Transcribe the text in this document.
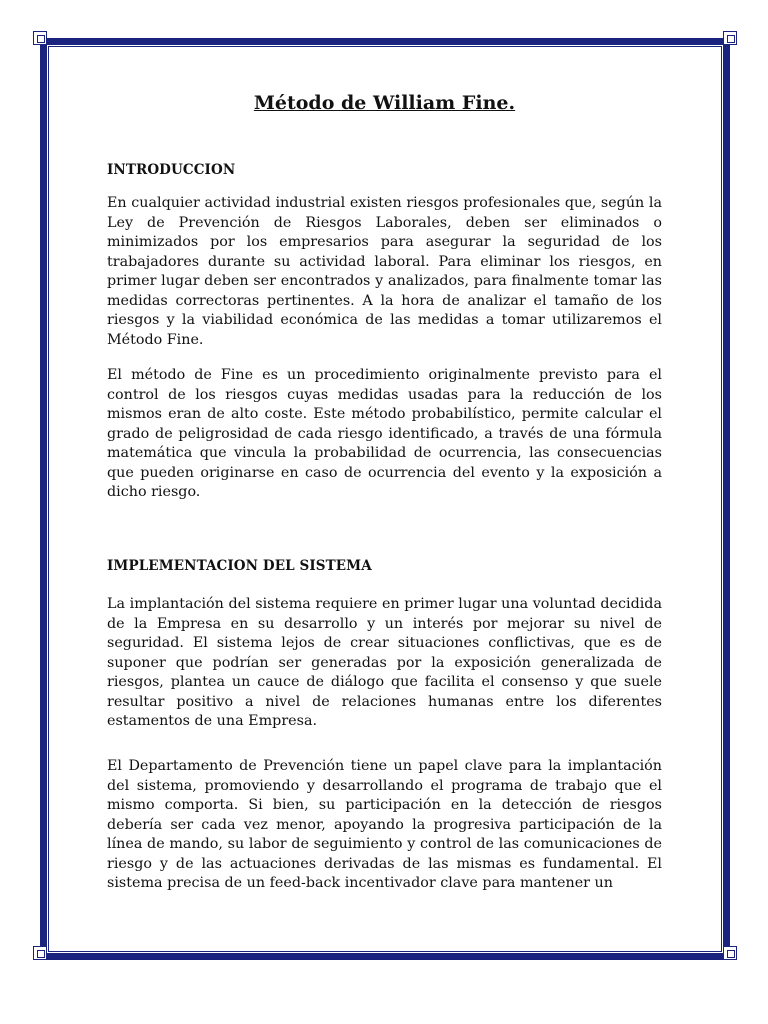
Método de William Fine.
INTRODUCCION

En cualquier actividad industrial existen riesgos profesionales que, según la Ley de Prevención de Riesgos Laborales, deben ser eliminados o minimizados por los empresarios para asegurar la seguridad de los trabajadores durante su actividad laboral. Para eliminar los riesgos, en primer lugar deben ser encontrados y analizados, para finalmente tomar las medidas correctoras pertinentes. A la hora de analizar el tamaño de los riesgos y la viabilidad económica de las medidas a tomar utilizaremos el Método Fine.

El método de Fine es un procedimiento originalmente previsto para el control de los riesgos cuyas medidas usadas para la reducción de los mismos eran de alto coste. Este método probabilístico, permite calcular el grado de peligrosidad de cada riesgo identificado, a través de una fórmula matemática que vincula la probabilidad de ocurrencia, las consecuencias que pueden originarse en caso de ocurrencia del evento y la exposición a dicho riesgo.

IMPLEMENTACION DEL SISTEMA

La implantación del sistema requiere en primer lugar una voluntad decidida de la Empresa en su desarrollo y un interés por mejorar su nivel de seguridad. El sistema lejos de crear situaciones conflictivas, que es de suponer que podrían ser generadas por la exposición generalizada de riesgos, plantea un cauce de diálogo que facilita el consenso y que suele resultar positivo a nivel de relaciones humanas entre los diferentes estamentos de una Empresa.

El Departamento de Prevención tiene un papel clave para la implantación del sistema, promoviendo y desarrollando el programa de trabajo que el mismo comporta. Si bien, su participación en la detección de riesgos debería ser cada vez menor, apoyando la progresiva participación de la línea de mando, su labor de seguimiento y control de las comunicaciones de riesgo y de las actuaciones derivadas de las mismas es fundamental. El sistema precisa de un feed-back incentivador clave para mantener un
